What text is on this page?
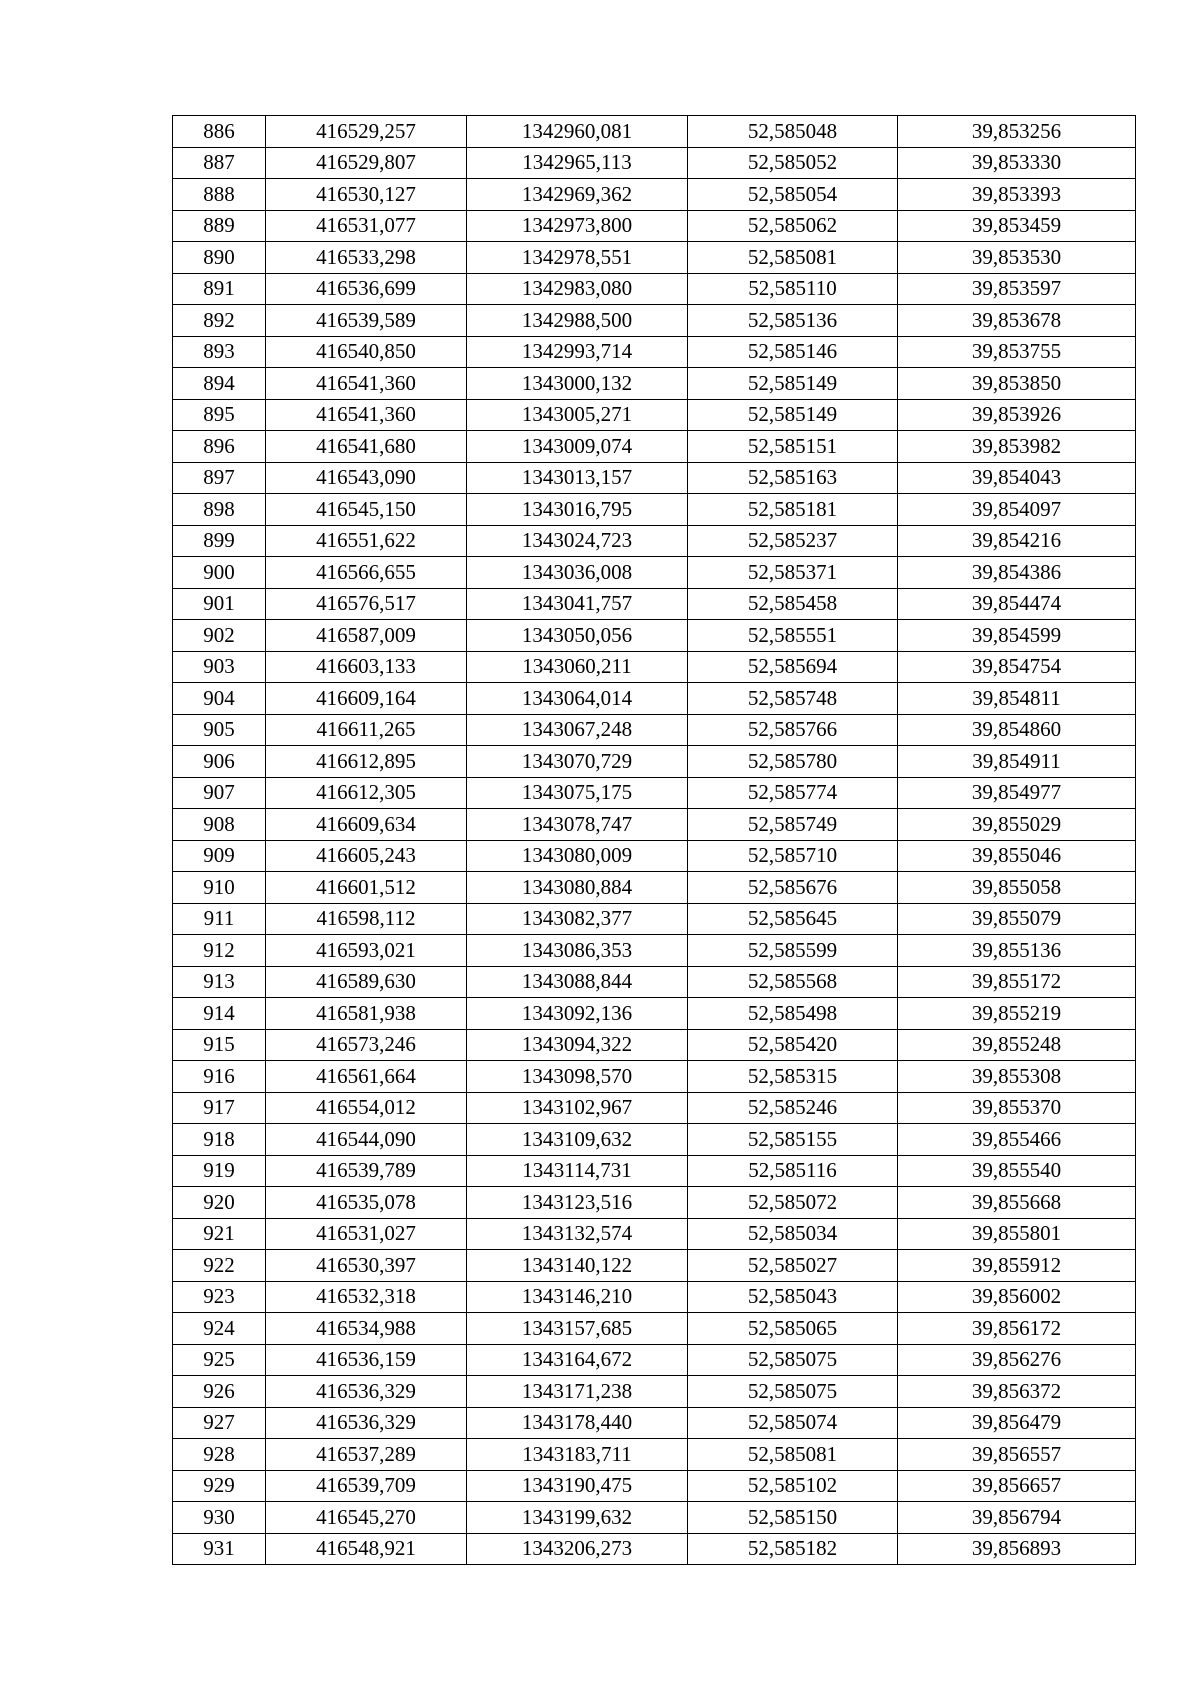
886	416529,257	1342960,081	52,585048	39,853256
887	416529,807	1342965,113	52,585052	39,853330
888	416530,127	1342969,362	52,585054	39,853393
889	416531,077	1342973,800	52,585062	39,853459
890	416533,298	1342978,551	52,585081	39,853530
891	416536,699	1342983,080	52,585110	39,853597
892	416539,589	1342988,500	52,585136	39,853678
893	416540,850	1342993,714	52,585146	39,853755
894	416541,360	1343000,132	52,585149	39,853850
895	416541,360	1343005,271	52,585149	39,853926
896	416541,680	1343009,074	52,585151	39,853982
897	416543,090	1343013,157	52,585163	39,854043
898	416545,150	1343016,795	52,585181	39,854097
899	416551,622	1343024,723	52,585237	39,854216
900	416566,655	1343036,008	52,585371	39,854386
901	416576,517	1343041,757	52,585458	39,854474
902	416587,009	1343050,056	52,585551	39,854599
903	416603,133	1343060,211	52,585694	39,854754
904	416609,164	1343064,014	52,585748	39,854811
905	416611,265	1343067,248	52,585766	39,854860
906	416612,895	1343070,729	52,585780	39,854911
907	416612,305	1343075,175	52,585774	39,854977
908	416609,634	1343078,747	52,585749	39,855029
909	416605,243	1343080,009	52,585710	39,855046
910	416601,512	1343080,884	52,585676	39,855058
911	416598,112	1343082,377	52,585645	39,855079
912	416593,021	1343086,353	52,585599	39,855136
913	416589,630	1343088,844	52,585568	39,855172
914	416581,938	1343092,136	52,585498	39,855219
915	416573,246	1343094,322	52,585420	39,855248
916	416561,664	1343098,570	52,585315	39,855308
917	416554,012	1343102,967	52,585246	39,855370
918	416544,090	1343109,632	52,585155	39,855466
919	416539,789	1343114,731	52,585116	39,855540
920	416535,078	1343123,516	52,585072	39,855668
921	416531,027	1343132,574	52,585034	39,855801
922	416530,397	1343140,122	52,585027	39,855912
923	416532,318	1343146,210	52,585043	39,856002
924	416534,988	1343157,685	52,585065	39,856172
925	416536,159	1343164,672	52,585075	39,856276
926	416536,329	1343171,238	52,585075	39,856372
927	416536,329	1343178,440	52,585074	39,856479
928	416537,289	1343183,711	52,585081	39,856557
929	416539,709	1343190,475	52,585102	39,856657
930	416545,270	1343199,632	52,585150	39,856794
931	416548,921	1343206,273	52,585182	39,856893
